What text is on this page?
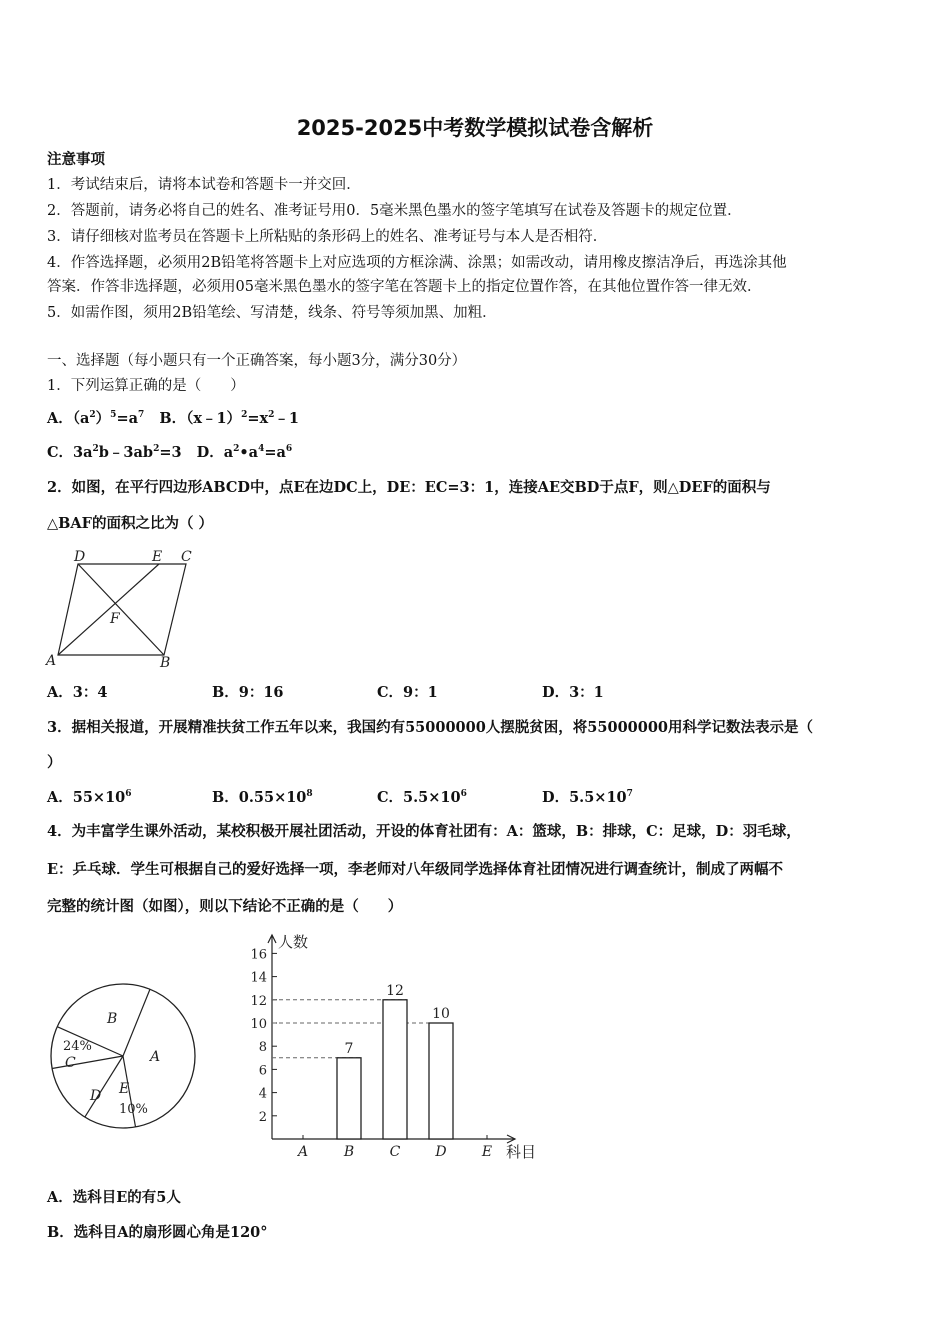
2025-2025中考数学模拟试卷含解析
注意事项
1．考试结束后，请将本试卷和答题卡一并交回．
2．答题前，请务必将自己的姓名、准考证号用0．5毫米黑色墨水的签字笔填写在试卷及答题卡的规定位置．
3．请仔细核对监考员在答题卡上所粘贴的条形码上的姓名、准考证号与本人是否相符．
4．作答选择题，必须用2B铅笔将答题卡上对应选项的方框涂满、涂黑；如需改动，请用橡皮擦洁净后，再选涂其他
答案．作答非选择题，必须用05毫米黑色墨水的签字笔在答题卡上的指定位置作答，在其他位置作答一律无效．
5．如需作图，须用2B铅笔绘、写清楚，线条、符号等须加黑、加粗．
一、选择题（每小题只有一个正确答案，每小题3分，满分30分）
1．下列运算正确的是（　　）
A．$(a^2)^5=a^7$ B．$(x﹣1)^2=x^2﹣1$
C．$3a^2b﹣3ab^2=3$ D．$a^2•a^4=a^6$
2．如图，在平行四边形ABCD中，点E在边DC上，DE：EC=3：1，连接AE交BD于点F，则△DEF的面积与
△BAF的面积之比为（ ）
A	B
C
D	E
F
A．3：4	B．9：16	C．9：1	D．3：1
3．据相关报道，开展精准扶贫工作五年以来，我国约有55000000人摆脱贫困，将55000000用科学记数法表示是（
）
A．$55\times 10^6$	B．$0.55\times 10^8$	C．$5.5\times 10^6$	D．$5.5\times 10^7$
4．为丰富学生课外活动，某校积极开展社团活动，开设的体育社团有：A：篮球，B：排球，C：足球，D：羽毛球，
E：乒乓球．学生可根据自己的爱好选择一项，李老师对八年级同学选择体育社团情况进行调查统计，制成了两幅不
完整的统计图（如图），则以下结论不正确的是（　　）
B
A
24%
C
D E
10%
2
4
6
8
10
12
14
16
A	B
7
C
12
D
10
E
人数
科目
A．选科目E的有5人
B．选科目A的扇形圆心角是120°
